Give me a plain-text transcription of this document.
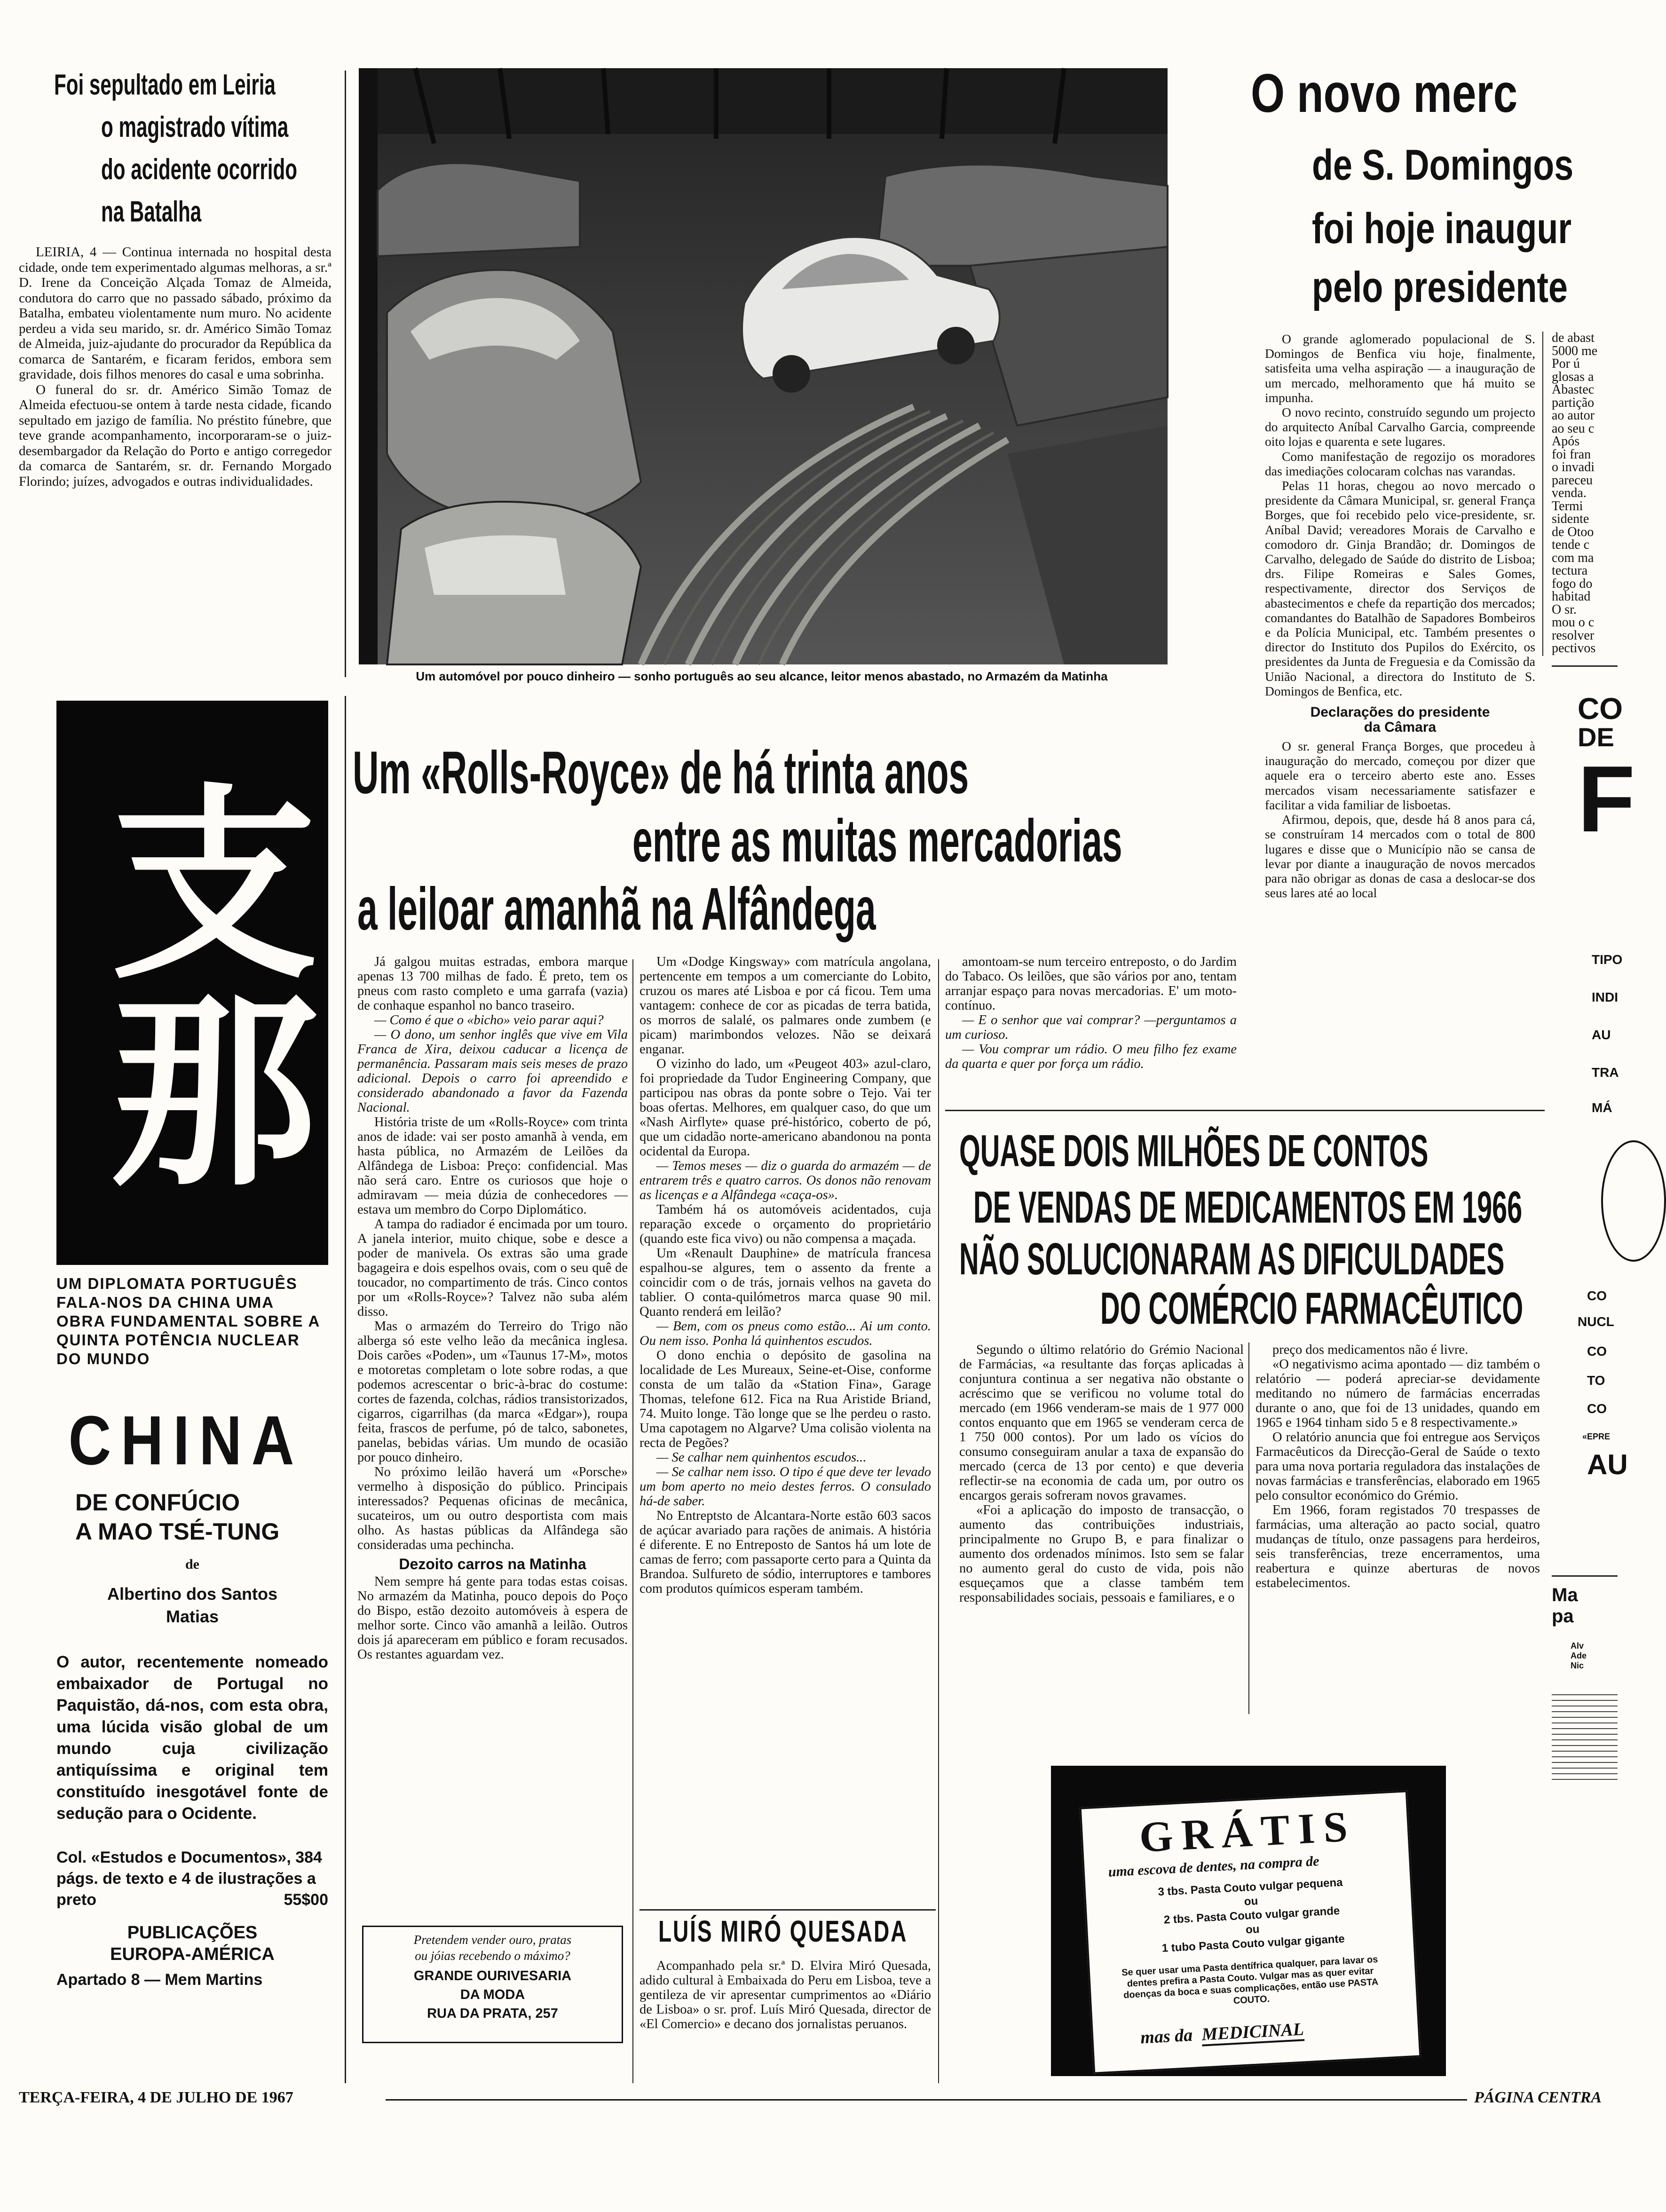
Foi sepultado em Leiria
o magistrado vítima
do acidente ocorrido
na Batalha

LEIRIA, 4 — Continua internada no hospital desta cidade, onde tem experimentado algumas melhoras, a sr.ª D. Irene da Conceição Alçada Tomaz de Almeida, condutora do carro que no passado sábado, próximo da Batalha, embateu violentamente num muro. No acidente perdeu a vida seu marido, sr. dr. Américo Simão Tomaz de Almeida, juiz-ajudante do procurador da República da comarca de Santarém, e ficaram feridos, embora sem gravidade, dois filhos menores do casal e uma sobrinha.

O funeral do sr. dr. Américo Simão Tomaz de Almeida efectuou-se ontem à tarde nesta cidade, ficando sepultado em jazigo de família. No préstito fúnebre, que teve grande acompanhamento, incorporaram-se o juiz-desembargador da Relação do Porto e antigo corregedor da comarca de Santarém, sr. dr. Fernando Morgado Florindo; juízes, advogados e outras individualidades.

Um automóvel por pouco dinheiro — sonho português ao seu alcance, leitor menos abastado, no Armazém da Matinha
O novo merc
de S. Domingos
foi hoje inaugur
pelo presidente

O grande aglomerado populacional de S. Domingos de Benfica viu hoje, finalmente, satisfeita uma velha aspiração — a inauguração de um mercado, melhoramento que há muito se impunha.

O novo recinto, construído segundo um projecto do arquitecto Aníbal Carvalho Garcia, compreende oito lojas e quarenta e sete lugares.

Como manifestação de regozijo os moradores das imediações colocaram colchas nas varandas.

Pelas 11 horas, chegou ao novo mercado o presidente da Câmara Municipal, sr. general França Borges, que foi recebido pelo vice-presidente, sr. Aníbal David; vereadores Morais de Carvalho e comodoro dr. Ginja Brandão; dr. Domingos de Carvalho, delegado de Saúde do distrito de Lisboa; drs. Filipe Romeiras e Sales Gomes, respectivamente, director dos Serviços de abastecimentos e chefe da repartição dos mercados; comandantes do Batalhão de Sapadores Bombeiros e da Polícia Municipal, etc. Também presentes o director do Instituto dos Pupilos do Exército, os presidentes da Junta de Freguesia e da Comissão da União Nacional, a directora do Instituto de S. Domingos de Benfica, etc.

Declarações do presidente
da Câmara

O sr. general França Borges, que procedeu à inauguração do mercado, começou por dizer que aquele era o terceiro aberto este ano. Esses mercados visam necessariamente satisfazer e facilitar a vida familiar de lisboetas.

Afirmou, depois, que, desde há 8 anos para cá, se construíram 14 mercados com o total de 800 lugares e disse que o Município não se cansa de levar por diante a inauguração de novos mercados para não obrigar as donas de casa a deslocar-se dos seus lares até ao local

de abast
5000 me
Por ú
glosas a
Abastec
partição
ao autor
ao seu c
Após
foi fran
o invadi
pareceu
venda.
Termi
sidente
de Otoo
tende c
com ma
tectura
fogo do
habitad
O sr.
mou o c
resolver
pectivos
CO
DE
F
TIPO
INDI
AU
TRA
MÁ
CO
NUCL
CO
TO
CO
«EPRE
AU
Ma
pa
Alv
Ade
Nic
支那
UM DIPLOMATA PORTUGUÊS FALA-NOS DA CHINA UMA OBRA FUNDAMENTAL SOBRE A QUINTA POTÊNCIA NUCLEAR DO MUNDO
CHINA
DE CONFÚCIO
A MAO TSÉ-TUNG
de
Albertino dos Santos Matias
O autor, recentemente nomeado embaixador de Portugal no Paquistão, dá-nos, com esta obra, uma lúcida visão global de um mundo cuja civilização antiquíssima e original tem constituído inesgotável fonte de sedução para o Ocidente.
Col. «Estudos e Documentos», 384 págs. de texto e 4 de ilustrações a preto	55$00
PUBLICAÇÕES
EUROPA-AMÉRICA
Apartado 8 — Mem Martins
Um «Rolls-Royce» de há trinta anos
entre as muitas mercadorias
a leiloar amanhã na Alfândega

Já galgou muitas estradas, embora marque apenas 13 700 milhas de fado. É preto, tem os pneus com rasto completo e uma garrafa (vazia) de conhaque espanhol no banco traseiro.

— Como é que o «bicho» veio parar aqui?

— O dono, um senhor inglês que vive em Vila Franca de Xira, deixou caducar a licença de permanência. Passaram mais seis meses de prazo adicional. Depois o carro foi apreendido e considerado abandonado a favor da Fazenda Nacional.

História triste de um «Rolls-Royce» com trinta anos de idade: vai ser posto amanhã à venda, em hasta pública, no Armazém de Leilões da Alfândega de Lisboa: Preço: confidencial. Mas não será caro. Entre os curiosos que hoje o admiravam — meia dúzia de conhecedores — estava um membro do Corpo Diplomático.

A tampa do radiador é encimada por um touro. A janela interior, muito chique, sobe e desce a poder de manivela. Os extras são uma grade bagageira e dois espelhos ovais, com o seu quê de toucador, no compartimento de trás. Cinco contos por um «Rolls-Royce»? Talvez não suba além disso.

Mas o armazém do Terreiro do Trigo não alberga só este velho leão da mecânica inglesa. Dois carões «Poden», um «Taunus 17-M», motos e motoretas completam o lote sobre rodas, a que podemos acrescentar o bric-à-brac do costume: cortes de fazenda, colchas, rádios transistorizados, cigarros, cigarrilhas (da marca «Edgar»), roupa feita, frascos de perfume, pó de talco, sabonetes, panelas, bebidas várias. Um mundo de ocasião por pouco dinheiro.

No próximo leilão haverá um «Porsche» vermelho à disposição do público. Principais interessados? Pequenas oficinas de mecânica, sucateiros, um ou outro desportista com mais olho. As hastas públicas da Alfândega são consideradas uma pechincha.

Dezoito carros na Matinha

Nem sempre há gente para todas estas coisas. No armazém da Matinha, pouco depois do Poço do Bispo, estão dezoito automóveis à espera de melhor sorte. Cinco vão amanhã a leilão. Outros dois já apareceram em público e foram recusados. Os restantes aguardam vez.

Pretendem vender ouro, pratas
ou jóias recebendo o máximo?
GRANDE OURIVESARIA
DA MODA
RUA DA PRATA, 257

Um «Dodge Kingsway» com matrícula angolana, pertencente em tempos a um comerciante do Lobito, cruzou os mares até Lisboa e por cá ficou. Tem uma vantagem: conhece de cor as picadas de terra batida, os morros de salalé, os palmares onde zumbem (e picam) marimbondos velozes. Não se deixará enganar.

O vizinho do lado, um «Peugeot 403» azul-claro, foi propriedade da Tudor Engineering Company, que participou nas obras da ponte sobre o Tejo. Vai ter boas ofertas. Melhores, em qualquer caso, do que um «Nash Airflyte» quase pré-histórico, coberto de pó, que um cidadão norte-americano abandonou na ponta ocidental da Europa.

— Temos meses — diz o guarda do armazém — de entrarem três e quatro carros. Os donos não renovam as licenças e a Alfândega «caça-os».

Também há os automóveis acidentados, cuja reparação excede o orçamento do proprietário (quando este fica vivo) ou não compensa a maçada.

Um «Renault Dauphine» de matrícula francesa espalhou-se algures, tem o assento da frente a coincidir com o de trás, jornais velhos na gaveta do tablier. O conta-quilómetros marca quase 90 mil. Quanto renderá em leilão?

— Bem, com os pneus como estão... Ai um conto. Ou nem isso. Ponha lá quinhentos escudos.

O dono enchia o depósito de gasolina na localidade de Les Mureaux, Seine-et-Oise, conforme consta de um talão da «Station Fina», Garage Thomas, telefone 612. Fica na Rua Aristide Briand, 74. Muito longe. Tão longe que se lhe perdeu o rasto. Uma capotagem no Algarve? Uma colisão violenta na recta de Pegões?

— Se calhar nem quinhentos escudos...

— Se calhar nem isso. O tipo é que deve ter levado um bom aperto no meio destes ferros. O consulado há-de saber.

No Entreptsto de Alcantara-Norte estão 603 sacos de açúcar avariado para rações de animais. A história é diferente. E no Entreposto de Santos há um lote de camas de ferro; com passaporte certo para a Quinta da Brandoa. Sulfureto de sódio, interruptores e tambores com produtos químicos esperam também.

LUÍS MIRÓ QUESADA

Acompanhado pela sr.ª D. Elvira Miró Quesada, adido cultural à Embaixada do Peru em Lisboa, teve a gentileza de vir apresentar cumprimentos ao «Diário de Lisboa» o sr. prof. Luís Miró Quesada, director de «El Comercio» e decano dos jornalistas peruanos.

amontoam-se num terceiro entreposto, o do Jardim do Tabaco. Os leilões, que são vários por ano, tentam arranjar espaço para novas mercadorias. E' um moto-contínuo.

— E o senhor que vai comprar? —perguntamos a um curioso.

— Vou comprar um rádio. O meu filho fez exame da quarta e quer por força um rádio.

QUASE DOIS MILHÕES DE CONTOS
DE VENDAS DE MEDICAMENTOS EM 1966
NÃO SOLUCIONARAM AS DIFICULDADES
DO COMÉRCIO FARMACÊUTICO

Segundo o último relatório do Grémio Nacional de Farmácias, «a resultante das forças aplicadas à conjuntura continua a ser negativa não obstante o acréscimo que se verificou no volume total do mercado (em 1966 venderam-se mais de 1 977 000 contos enquanto que em 1965 se venderam cerca de 1 750 000 contos). Por um lado os vícios do consumo conseguiram anular a taxa de expansão do mercado (cerca de 13 por cento) e que deveria reflectir-se na economia de cada um, por outro os encargos gerais sofreram novos gravames.

«Foi a aplicação do imposto de transacção, o aumento das contribuições industriais, principalmente no Grupo B, e para finalizar o aumento dos ordenados mínimos. Isto sem se falar no aumento geral do custo de vida, pois não esqueçamos que a classe também tem responsabilidades sociais, pessoais e familiares, e o

preço dos medicamentos não é livre.

«O negativismo acima apontado — diz também o relatório — poderá apreciar-se devidamente meditando no número de farmácias encerradas durante o ano, que foi de 13 unidades, quando em 1965 e 1964 tinham sido 5 e 8 respectivamente.»

O relatório anuncia que foi entregue aos Serviços Farmacêuticos da Direcção-Geral de Saúde o texto para uma nova portaria reguladora das instalações de novas farmácias e transferências, elaborado em 1965 pelo consultor económico do Grémio.

Em 1966, foram registados 70 trespasses de farmácias, uma alteração ao pacto social, quatro mudanças de título, onze passagens para herdeiros, seis transferências, treze encerramentos, uma reabertura e quinze aberturas de novos estabelecimentos.

GRÁTIS
uma escova de dentes, na compra de
3 tbs. Pasta Couto vulgar pequena
ou
2 tbs. Pasta Couto vulgar grande
ou
1 tubo Pasta Couto vulgar gigante
Se quer usar uma Pasta dentífrica qualquer, para lavar os dentes prefira a Pasta Couto. Vulgar mas as quer evitar doenças da boca e suas complicações, então use PASTA COUTO.
mas da MEDICINAL
TERÇA-FEIRA, 4 DE JULHO DE 1967	PÁGINA CENTRA
